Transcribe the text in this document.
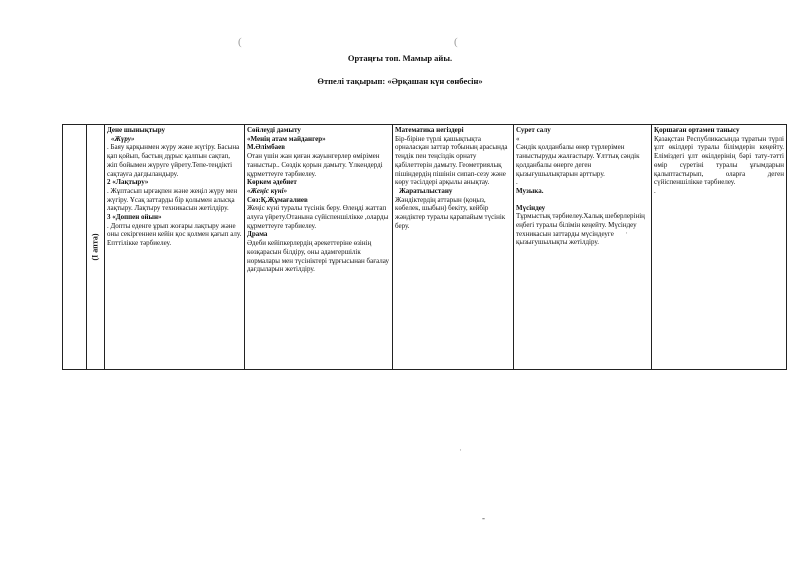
Ортаңғы топ. Мамыр айы.
Өтпелі тақырып: «Әрқашан күн сөнбесін»
(	(

(I апта)

Дене шынықтыру
«Жүру»
. Баяу қарқынмен жүру және жүгіру. Басына қап қойып, бастың дұрыс қалпын сақтап, жіп бойымен жүруге үйрету.Тепе-теңдікті сақтауға дағдыландыру.
2 «Лақтыру»
. Жұптасып ырғақпен және жеңіл жүру мен жүгіру. Ұсақ заттарды бір қолымен алысқа лақтыру. Лақтыру техникасын жетілдіру.
3 «Доппен ойын»
. Допты еденге ұрып жоғары лақтыру және оны секіргеннен кейін қос қолмен қағып алу. Епттілікке тәрбиелеу.

Сөйлеудi дамыту
«Менің атам майдангер»
М.Әлімбаев
Отан үшін жан қиған жауынгерлер өмірімен таныстыр.. Сөздік қорын дамыту. Үлкендерді құрметтеуге тәрбиелеу.
Көркем әдебиет
«Жеңіс күні»
Сөз:Қ.Жұмағалиев
Жеңіс күні туралы түсінік беру. Өлеңді жаттап алуға үйрету.Отанына сүйіспеншілікке ,оларды құрметтеуге тәрбиелеу.
Драма
Әдеби кейіпкерлердің әрекеттеріне өзінің көзқарасын білдіру, оны адамгершілік нормалары мен түсініктері тұрғысынан бағалау дағдыларын жетілдіру.

Математика негіздері
Бір-біріне түрлі қашықтықта орналасқан заттар тобының арасында теңдік пен теңсіздік орнату қабілеттерін дамыту. Геометриялық пішіндердің пішінін сипап-сезу және көру тәсілдері арқылы анықтау.
Жаратылыстану
Жәндіктердің аттарын (қоңыз, көбелек, шыбын) бекіту, кейбір жәндіктер туралы қарапайым түсінік беру.

Сурет салу
«
Сәндік қолданбалы өнер түрлерімен таныстыруды жалғастыру. Ұлттық сәндік қолданбалы өнерге деген қызығушылықтарын арттыру.
.
Музыка.
Мүсіндеу
Тұрмыстық тәрбиелеу.Халық шеберлерінің еңбегі туралы білімін кеңейту. Мүсіндеу техникасын заттарды мүсіндеуге қызығушылықты жетілдіру.

Қоршаған ортамен таныcу
Қазақстан Республикасында тұратын түрлі ұлт өкілдері туралы білімдерін кеңейту. Еліміздегі ұлт өкілдерінің бәрі тату-тәтті өмір сүретіні туралы ұғымдарын қалыптастырып, оларға деген сүйіспеншілікке тәрбиелеу.
.
·
·
-
